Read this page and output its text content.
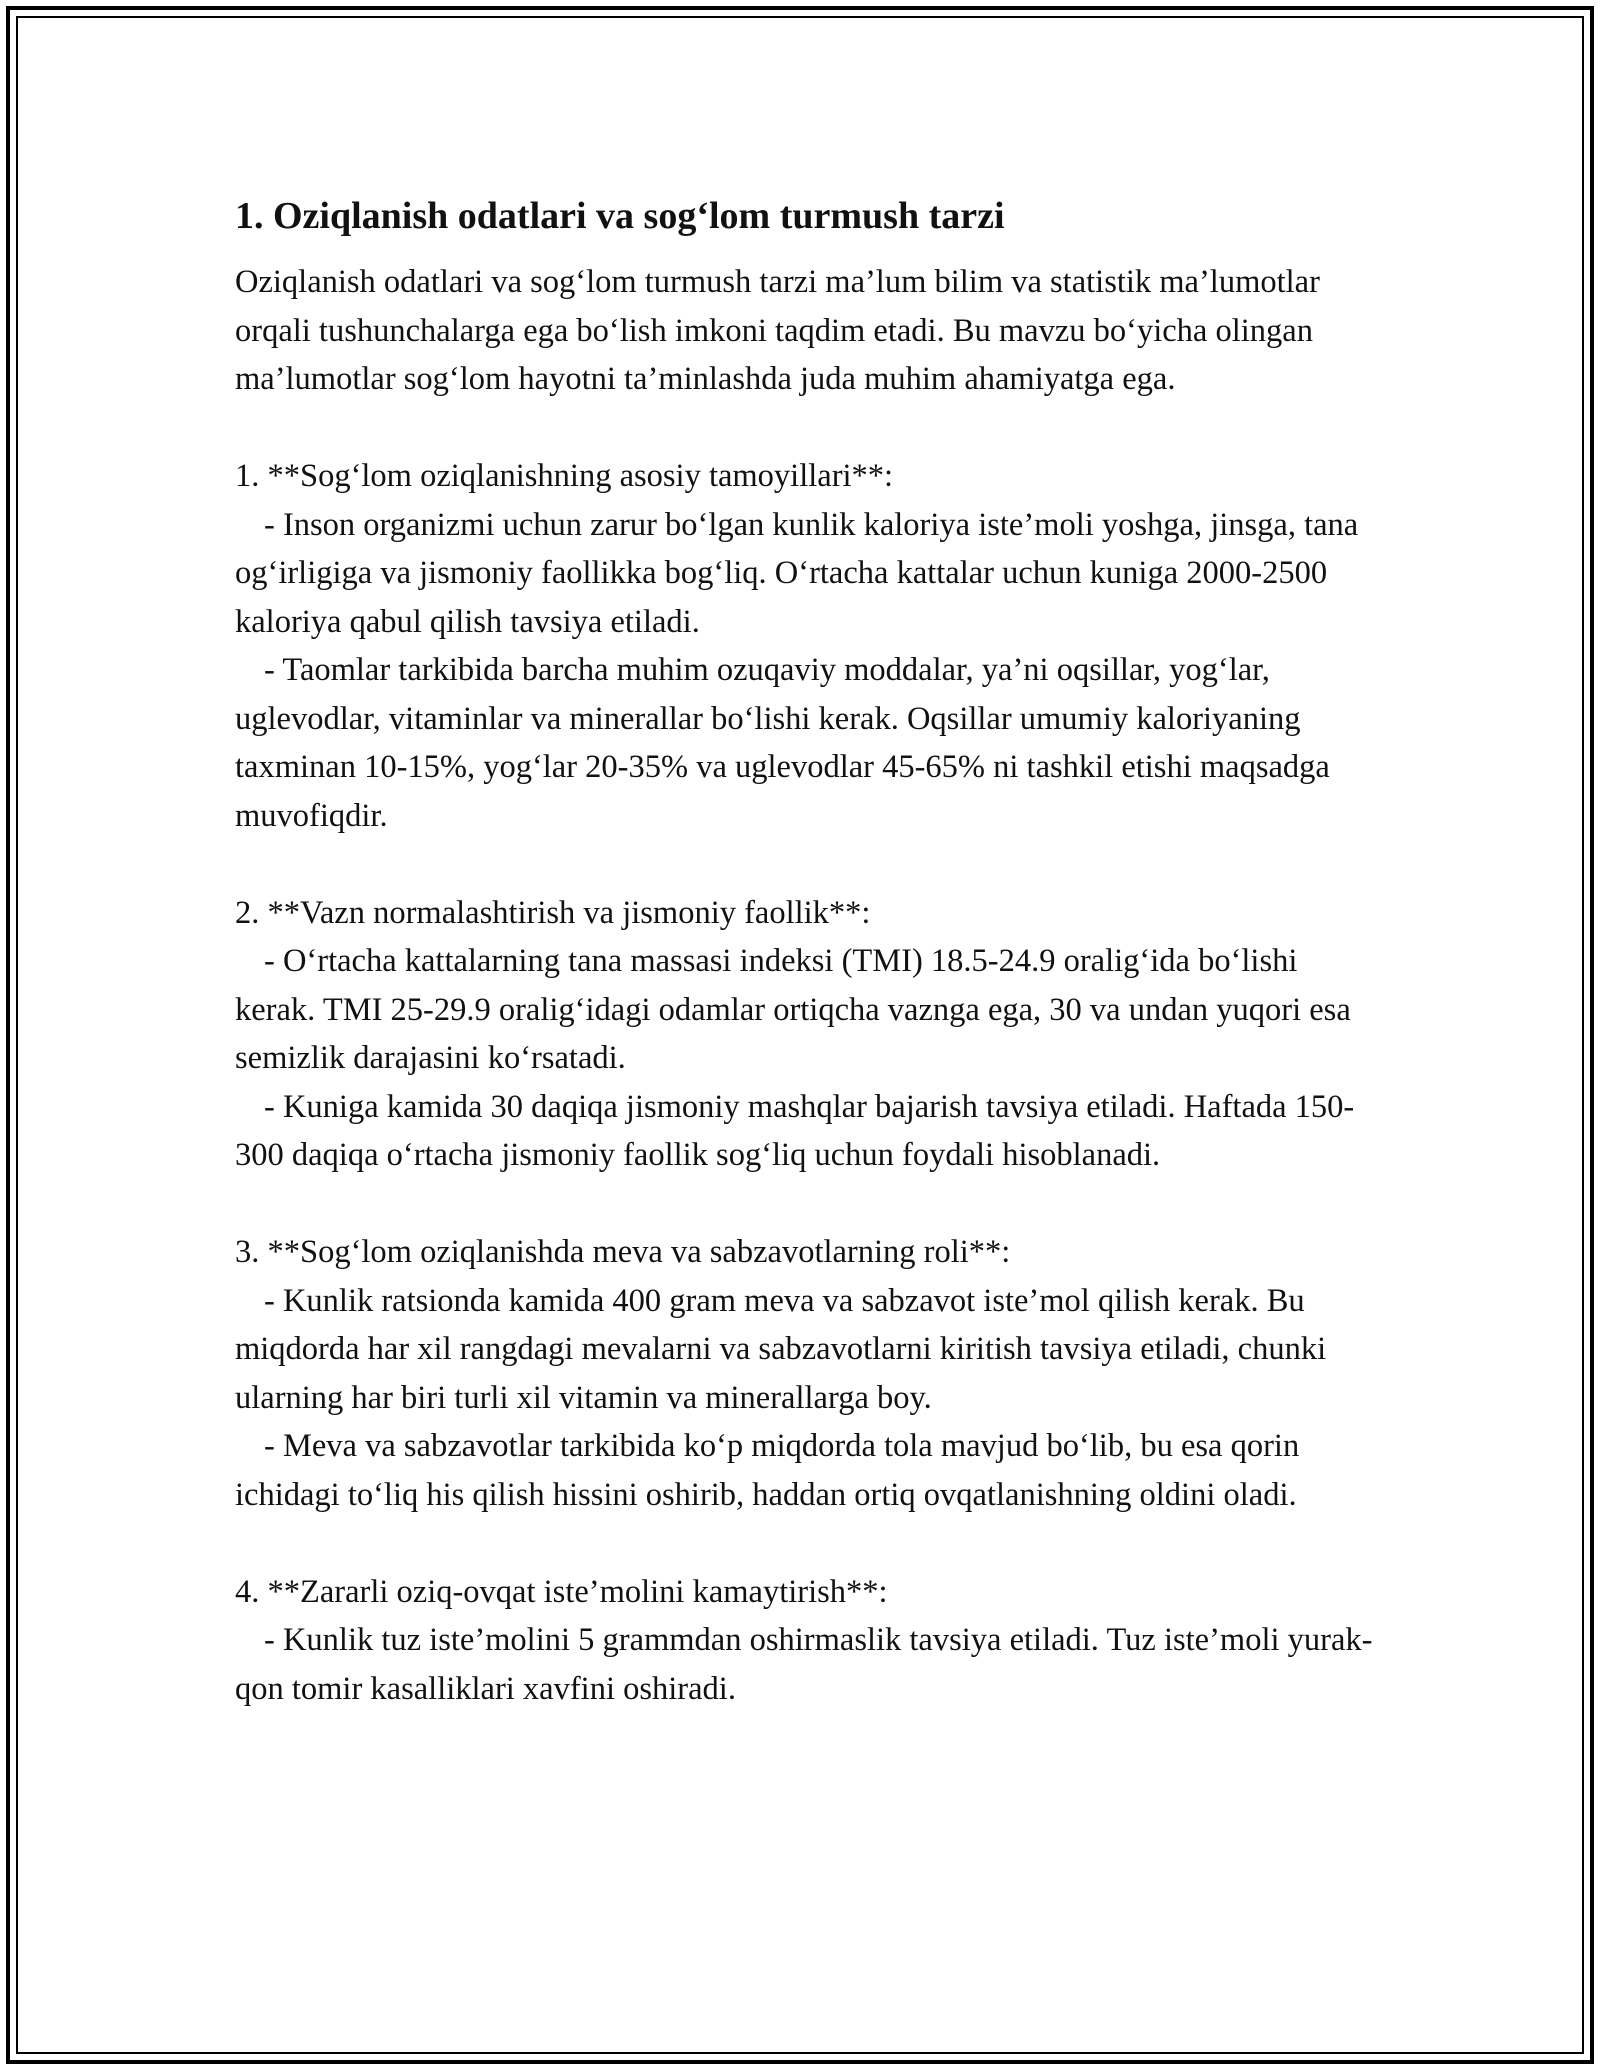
1. Oziqlanish odatlari va sog‘lom turmush tarzi

Oziqlanish odatlari va sog‘lom turmush tarzi ma’lum bilim va statistik ma’lumotlar orqali tushunchalarga ega bo‘lish imkoni taqdim etadi. Bu mavzu bo‘yicha olingan ma’lumotlar sog‘lom hayotni ta’minlashda juda muhim ahamiyatga ega.

1. **Sog‘lom oziqlanishning asosiy tamoyillari**:

- Inson organizmi uchun zarur bo‘lgan kunlik kaloriya iste’moli yoshga, jinsga, tana og‘irligiga va jismoniy faollikka bog‘liq. O‘rtacha kattalar uchun kuniga 2000-2500 kaloriya qabul qilish tavsiya etiladi.

- Taomlar tarkibida barcha muhim ozuqaviy moddalar, ya’ni oqsillar, yog‘lar, uglevodlar, vitaminlar va minerallar bo‘lishi kerak. Oqsillar umumiy kaloriyaning taxminan 10-15%, yog‘lar 20-35% va uglevodlar 45-65% ni tashkil etishi maqsadga muvofiqdir.

2. **Vazn normalashtirish va jismoniy faollik**:

- O‘rtacha kattalarning tana massasi indeksi (TMI) 18.5-24.9 oralig‘ida bo‘lishi kerak. TMI 25-29.9 oralig‘idagi odamlar ortiqcha vaznga ega, 30 va undan yuqori esa semizlik darajasini ko‘rsatadi.

- Kuniga kamida 30 daqiqa jismoniy mashqlar bajarish tavsiya etiladi. Haftada 150-300 daqiqa o‘rtacha jismoniy faollik sog‘liq uchun foydali hisoblanadi.

3. **Sog‘lom oziqlanishda meva va sabzavotlarning roli**:

- Kunlik ratsionda kamida 400 gram meva va sabzavot iste’mol qilish kerak. Bu miqdorda har xil rangdagi mevalarni va sabzavotlarni kiritish tavsiya etiladi, chunki ularning har biri turli xil vitamin va minerallarga boy.

- Meva va sabzavotlar tarkibida ko‘p miqdorda tola mavjud bo‘lib, bu esa qorin ichidagi to‘liq his qilish hissini oshirib, haddan ortiq ovqatlanishning oldini oladi.

4. **Zararli oziq-ovqat iste’molini kamaytirish**:

- Kunlik tuz iste’molini 5 grammdan oshirmaslik tavsiya etiladi. Tuz iste’moli yurak-qon tomir kasalliklari xavfini oshiradi.
